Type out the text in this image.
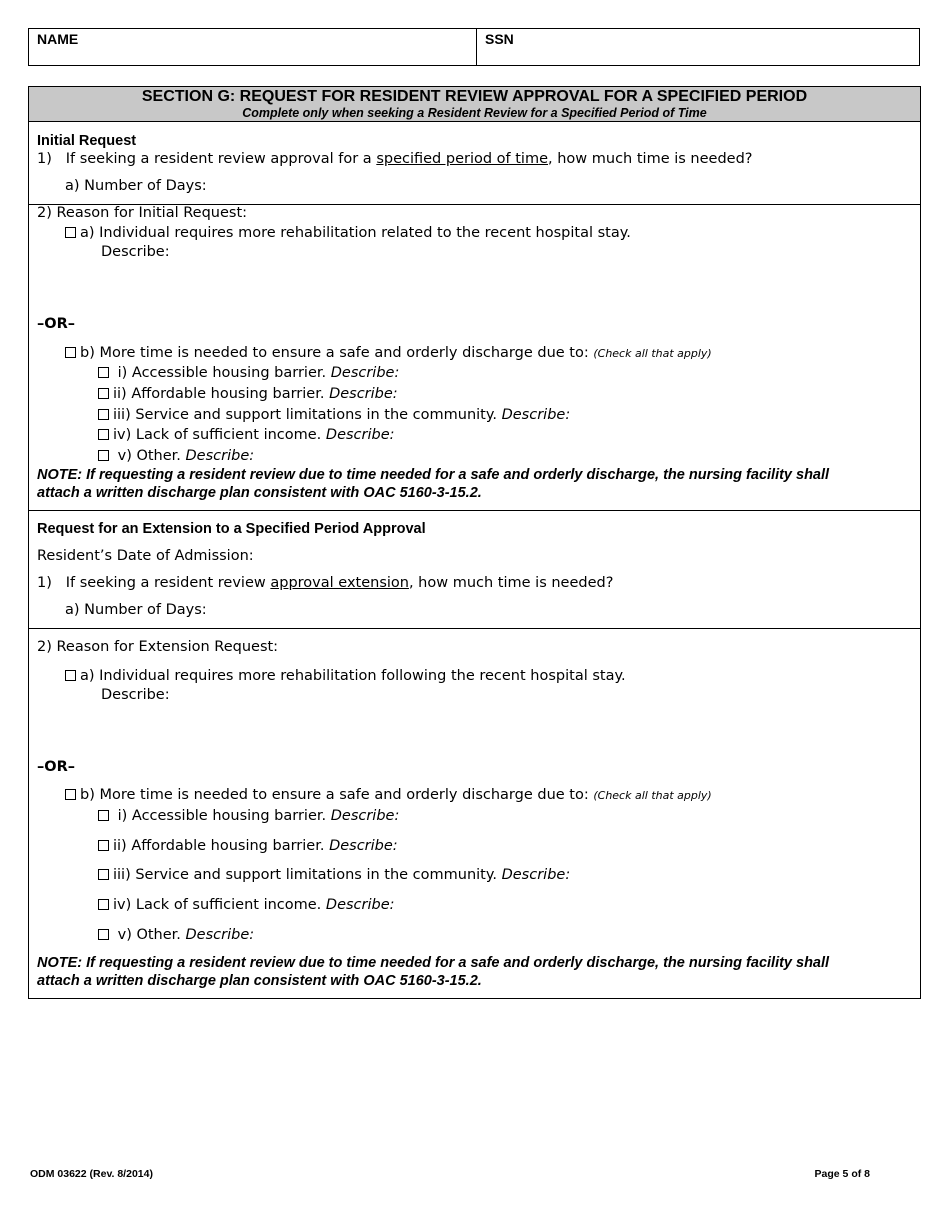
NAME	SSN
SECTION G: REQUEST FOR RESIDENT REVIEW APPROVAL FOR A SPECIFIED PERIOD
Complete only when seeking a Resident Review for a Specified Period of Time
Initial Request
1) If seeking a resident review approval for a specified period of time, how much time is needed?
a) Number of Days:
2) Reason for Initial Request:
a) Individual requires more rehabilitation related to the recent hospital stay.
Describe:
–OR–
b) More time is needed to ensure a safe and orderly discharge due to: (Check all that apply)
i) Accessible housing barrier. Describe:
ii) Affordable housing barrier. Describe:
iii) Service and support limitations in the community. Describe:
iv) Lack of sufficient income. Describe:
v) Other. Describe:
NOTE: If requesting a resident review due to time needed for a safe and orderly discharge, the nursing facility shall
attach a written discharge plan consistent with OAC 5160-3-15.2.
Request for an Extension to a Specified Period Approval
Resident’s Date of Admission:
1) If seeking a resident review approval extension, how much time is needed?
a) Number of Days:
2) Reason for Extension Request:
a) Individual requires more rehabilitation following the recent hospital stay.
Describe:
–OR–
b) More time is needed to ensure a safe and orderly discharge due to: (Check all that apply)
i) Accessible housing barrier. Describe:
ii) Affordable housing barrier. Describe:
iii) Service and support limitations in the community. Describe:
iv) Lack of sufficient income. Describe:
v) Other. Describe:
NOTE: If requesting a resident review due to time needed for a safe and orderly discharge, the nursing facility shall
attach a written discharge plan consistent with OAC 5160-3-15.2.
ODM 03622 (Rev. 8/2014)	Page 5 of 8
